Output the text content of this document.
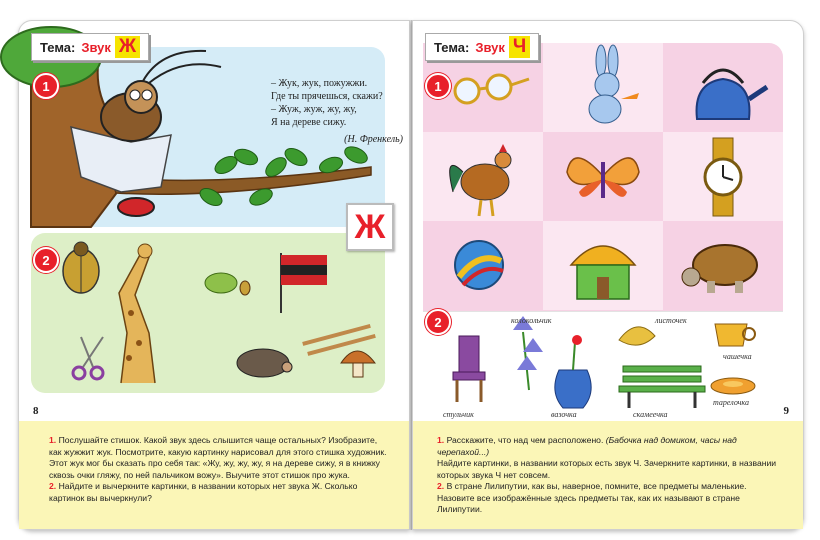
– Жук, жук, пожужжи.
Где ты прячешься, скажи?
– Жуж, жуж, жу, жу,
Я на дереве сижу.
(Н. Френкель)
Тема: Звук Ж
1
2
Ж
8
1. Послушайте стишок. Какой звук здесь слышится чаще остальных? Изобразите, как жужжит жук. Посмотрите, какую картинку нарисовал для этого стишка художник. Этот жук мог бы сказать про себя так: «Жу, жу, жу, жу, я на дереве сижу, я в книжку сквозь очки гляжу, по ней пальчиком вожу». Выучите этот стишок про жука.
2. Найдите и вычеркните картинки, в названии которых нет звука Ж. Сколько картинок вы вычеркнули?
Тема: Звук Ч
1
колокольчик	листочек
чашечка
стульчик	вазочка	скамеечка
тарелочка
2
9
1. Расскажите, что над чем расположено. (Бабочка над домиком, часы над черепахой...)
Найдите картинки, в названии которых есть звук Ч. Зачеркните картинки, в названии которых звука Ч нет совсем.
2. В стране Лилипутии, как вы, наверное, помните, все предметы маленькие. Назовите все изображённые здесь предметы так, как их называют в стране Лилипутии.
